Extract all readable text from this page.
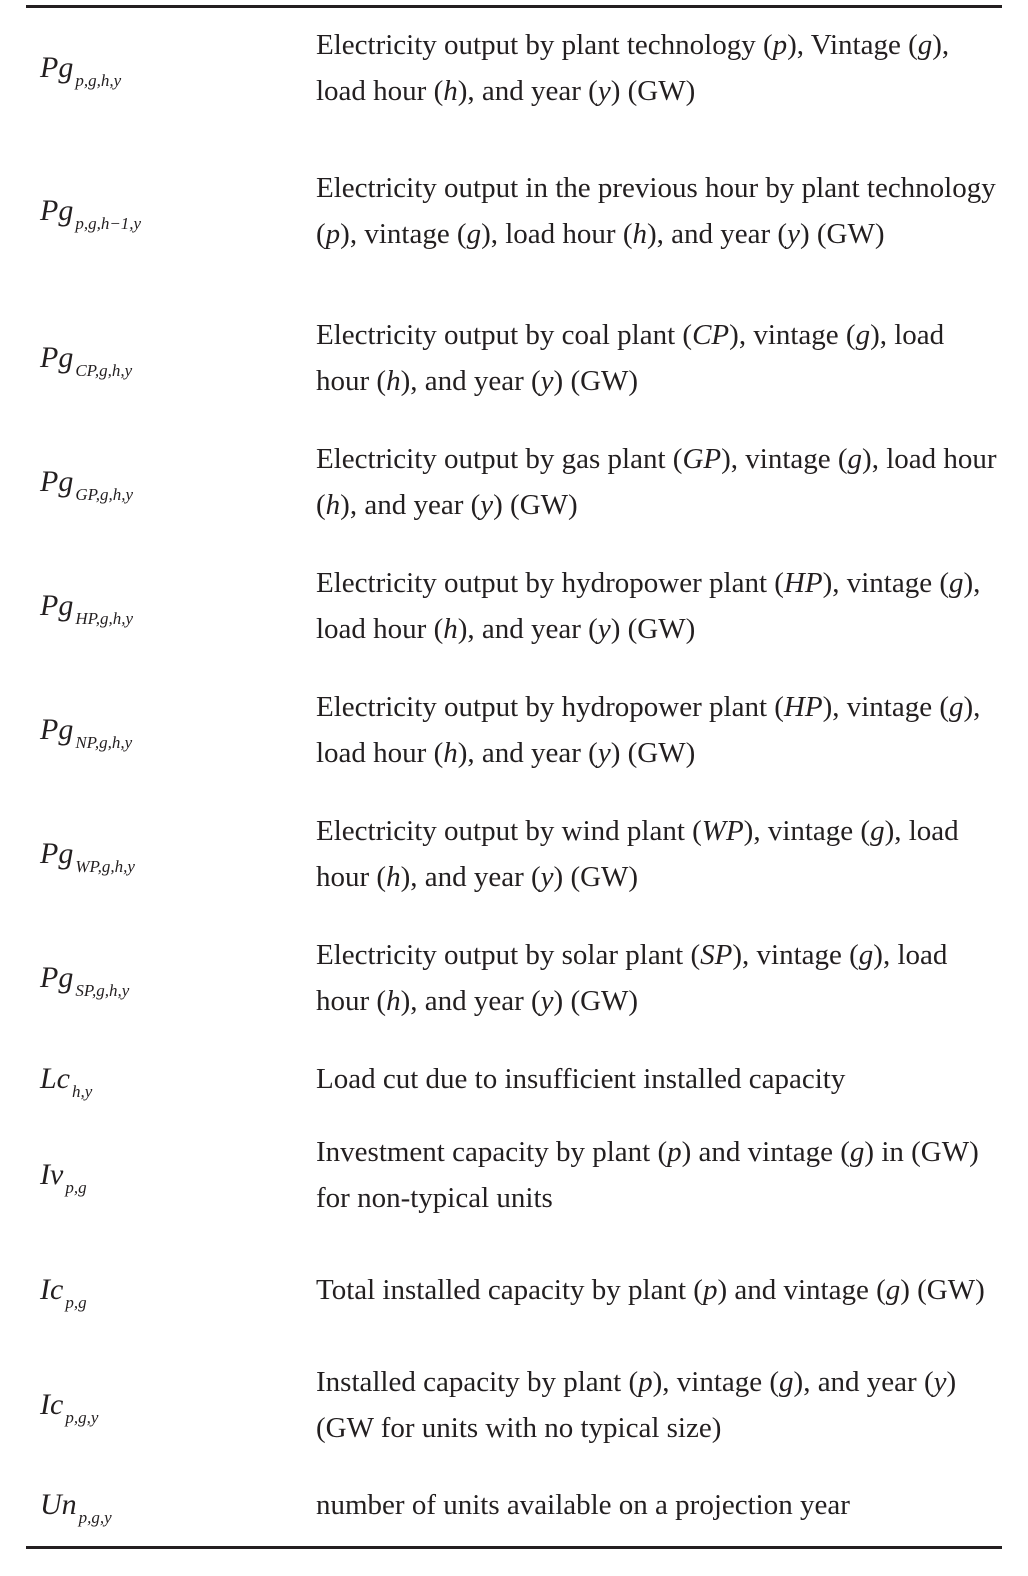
Pg $_{p,g,h,y}$	Electricity output by plant technology (p), Vintage (g), load hour (h), and year (y) (GW)
Pg $_{p,g,h-1,y}$	Electricity output in the previous hour by plant technology (p), vintage (g), load hour (h), and year (y) (GW)
Pg $_{CP,g,h,y}$	Electricity output by coal plant (CP), vintage (g), load hour (h), and year (y) (GW)
Pg $_{GP,g,h,y}$	Electricity output by gas plant (GP), vintage (g), load hour (h), and year (y) (GW)
Pg $_{HP,g,h,y}$	Electricity output by hydropower plant (HP), vintage (g), load hour (h), and year (y) (GW)
Pg $_{NP,g,h,y}$	Electricity output by hydropower plant (HP), vintage (g), load hour (h), and year (y) (GW)
Pg $_{WP,g,h,y}$	Electricity output by wind plant (WP), vintage (g), load hour (h), and year (y) (GW)
Pg $_{SP,g,h,y}$	Electricity output by solar plant (SP), vintage (g), load hour (h), and year (y) (GW)
Lc $_{h,y}$	Load cut due to insufficient installed capacity
Iv $_{p,g}$	Investment capacity by plant (p) and vintage (g) in (GW) for non-typical units
Ic $_{p,g}$	Total installed capacity by plant (p) and vintage (g) (GW)
Ic $_{p,g,y}$	Installed capacity by plant (p), vintage (g), and year (y) (GW for units with no typical size)
Un $_{p,g,y}$	number of units available on a projection year
